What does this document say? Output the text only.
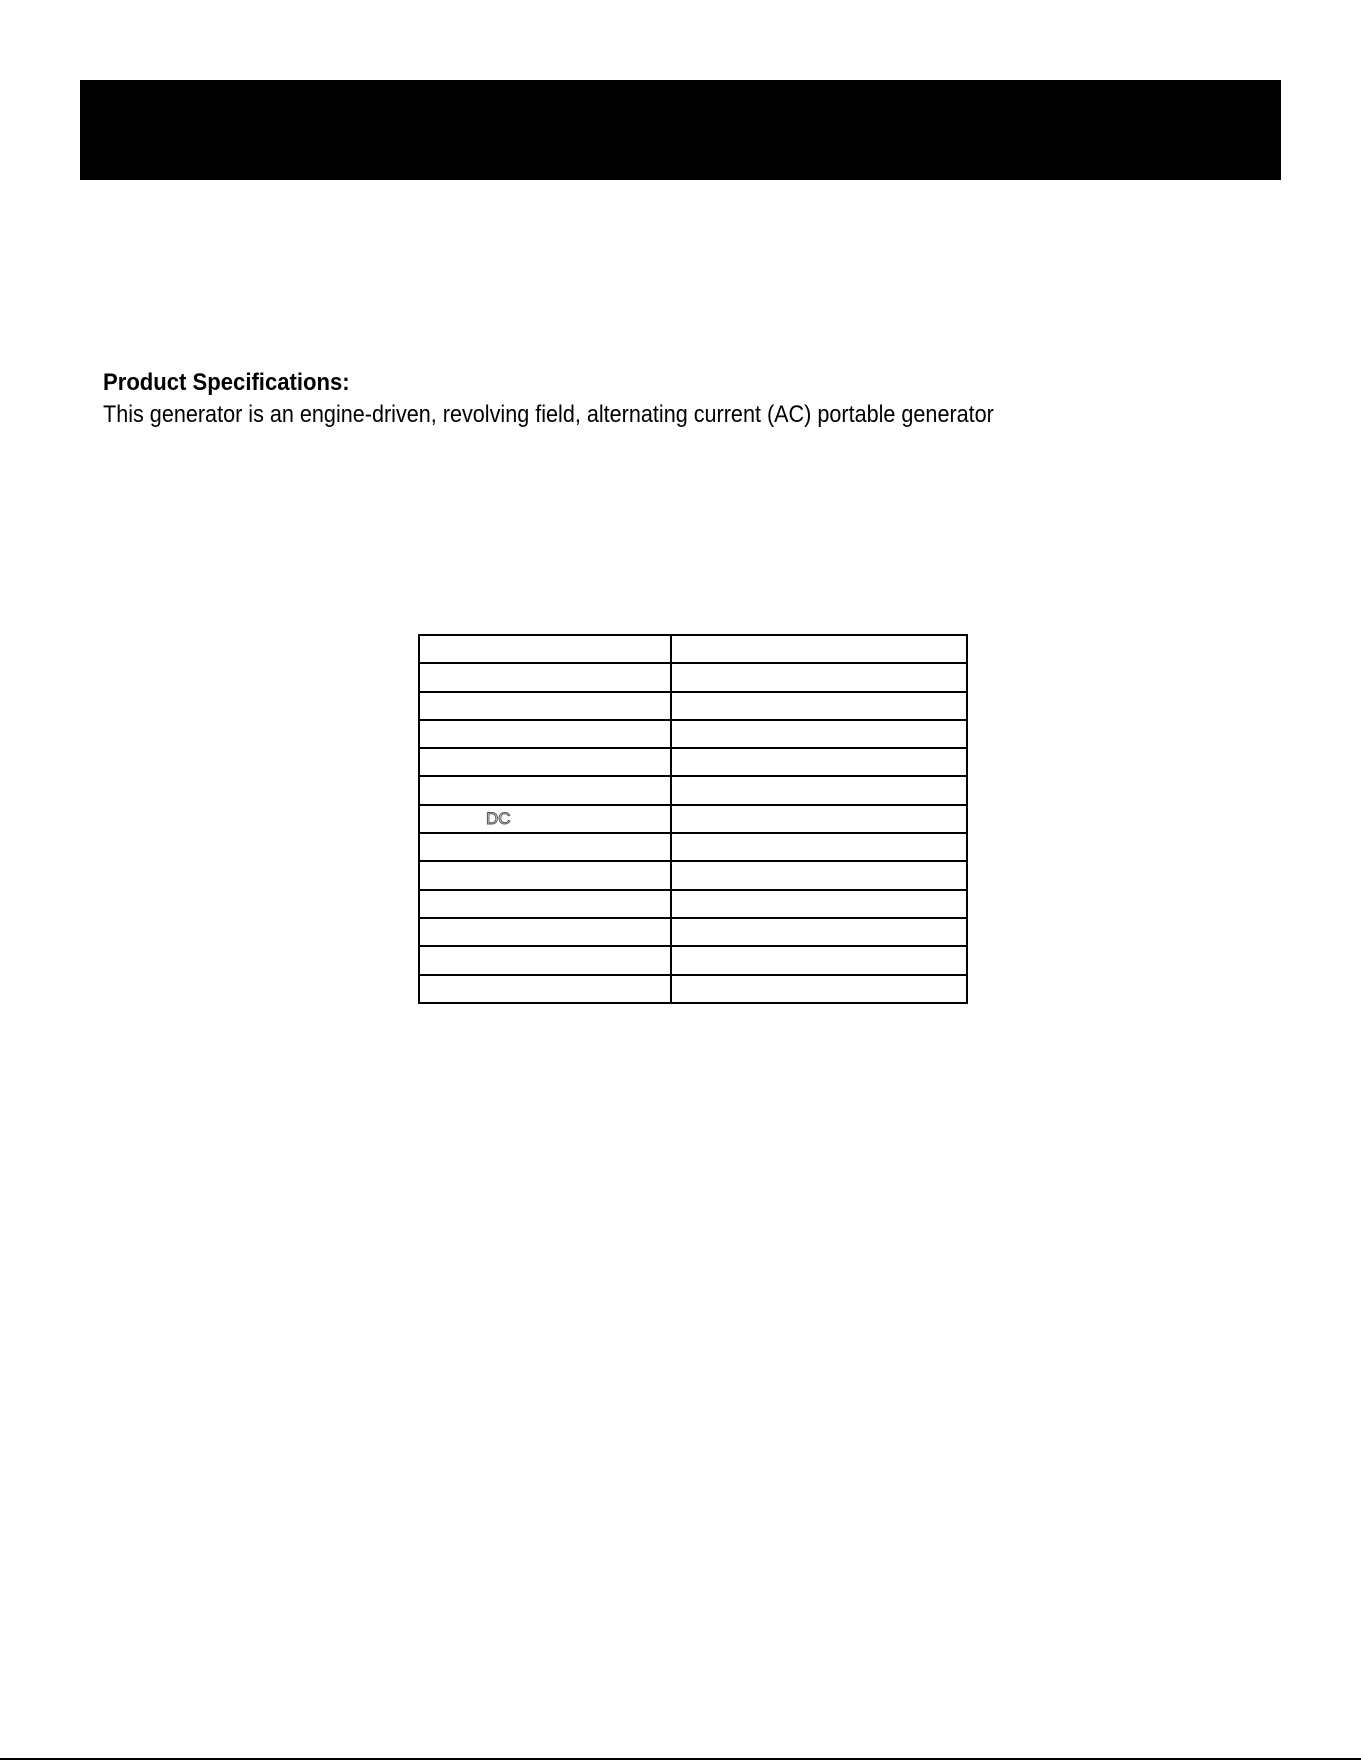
Product Specifications:
This generator is an engine-driven, revolving field, alternating current (AC) portable generator

DC	
